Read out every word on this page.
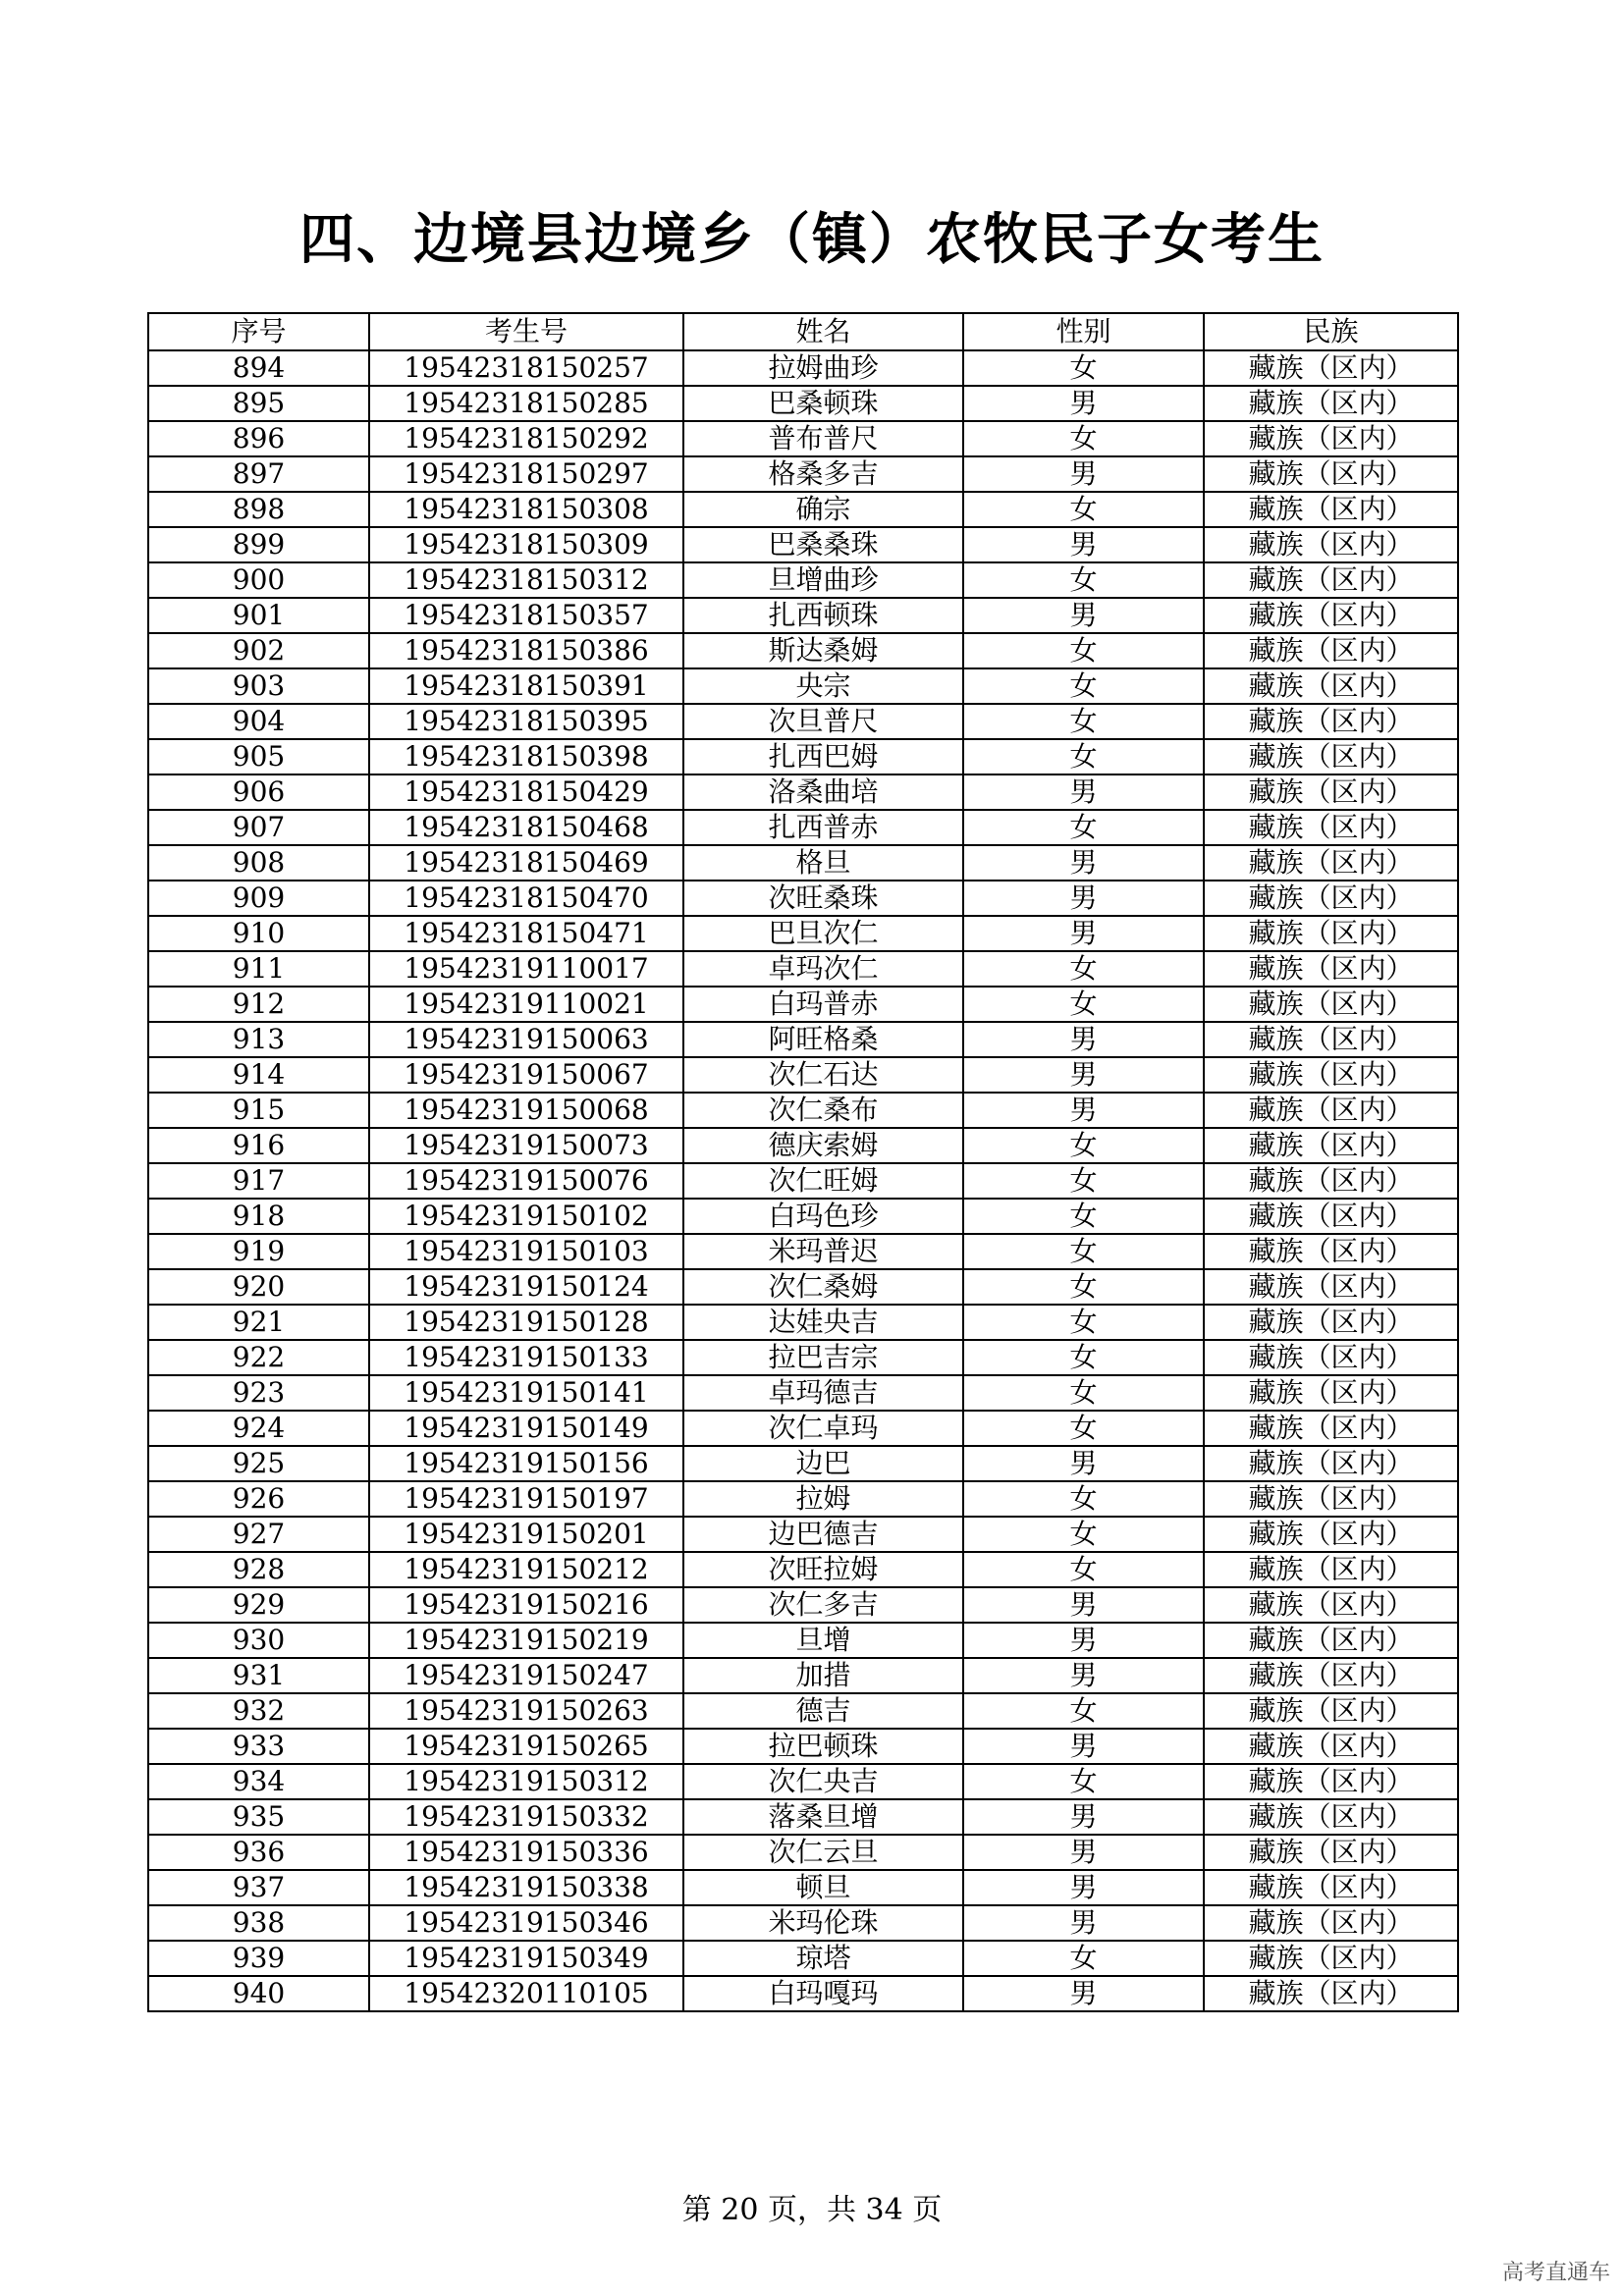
四、边境县边境乡（镇）农牧民子女考生
序号	考生号	姓名	性别	民族
894	19542318150257	拉姆曲珍	女	藏族（区内）
895	19542318150285	巴桑顿珠	男	藏族（区内）
896	19542318150292	普布普尺	女	藏族（区内）
897	19542318150297	格桑多吉	男	藏族（区内）
898	19542318150308	确宗	女	藏族（区内）
899	19542318150309	巴桑桑珠	男	藏族（区内）
900	19542318150312	旦增曲珍	女	藏族（区内）
901	19542318150357	扎西顿珠	男	藏族（区内）
902	19542318150386	斯达桑姆	女	藏族（区内）
903	19542318150391	央宗	女	藏族（区内）
904	19542318150395	次旦普尺	女	藏族（区内）
905	19542318150398	扎西巴姆	女	藏族（区内）
906	19542318150429	洛桑曲培	男	藏族（区内）
907	19542318150468	扎西普赤	女	藏族（区内）
908	19542318150469	格旦	男	藏族（区内）
909	19542318150470	次旺桑珠	男	藏族（区内）
910	19542318150471	巴旦次仁	男	藏族（区内）
911	19542319110017	卓玛次仁	女	藏族（区内）
912	19542319110021	白玛普赤	女	藏族（区内）
913	19542319150063	阿旺格桑	男	藏族（区内）
914	19542319150067	次仁石达	男	藏族（区内）
915	19542319150068	次仁桑布	男	藏族（区内）
916	19542319150073	德庆索姆	女	藏族（区内）
917	19542319150076	次仁旺姆	女	藏族（区内）
918	19542319150102	白玛色珍	女	藏族（区内）
919	19542319150103	米玛普迟	女	藏族（区内）
920	19542319150124	次仁桑姆	女	藏族（区内）
921	19542319150128	达娃央吉	女	藏族（区内）
922	19542319150133	拉巴吉宗	女	藏族（区内）
923	19542319150141	卓玛德吉	女	藏族（区内）
924	19542319150149	次仁卓玛	女	藏族（区内）
925	19542319150156	边巴	男	藏族（区内）
926	19542319150197	拉姆	女	藏族（区内）
927	19542319150201	边巴德吉	女	藏族（区内）
928	19542319150212	次旺拉姆	女	藏族（区内）
929	19542319150216	次仁多吉	男	藏族（区内）
930	19542319150219	旦增	男	藏族（区内）
931	19542319150247	加措	男	藏族（区内）
932	19542319150263	德吉	女	藏族（区内）
933	19542319150265	拉巴顿珠	男	藏族（区内）
934	19542319150312	次仁央吉	女	藏族（区内）
935	19542319150332	落桑旦增	男	藏族（区内）
936	19542319150336	次仁云旦	男	藏族（区内）
937	19542319150338	顿旦	男	藏族（区内）
938	19542319150346	米玛伦珠	男	藏族（区内）
939	19542319150349	琼塔	女	藏族（区内）
940	19542320110105	白玛嘎玛	男	藏族（区内）
第 20 页，共 34 页
高考直通车
